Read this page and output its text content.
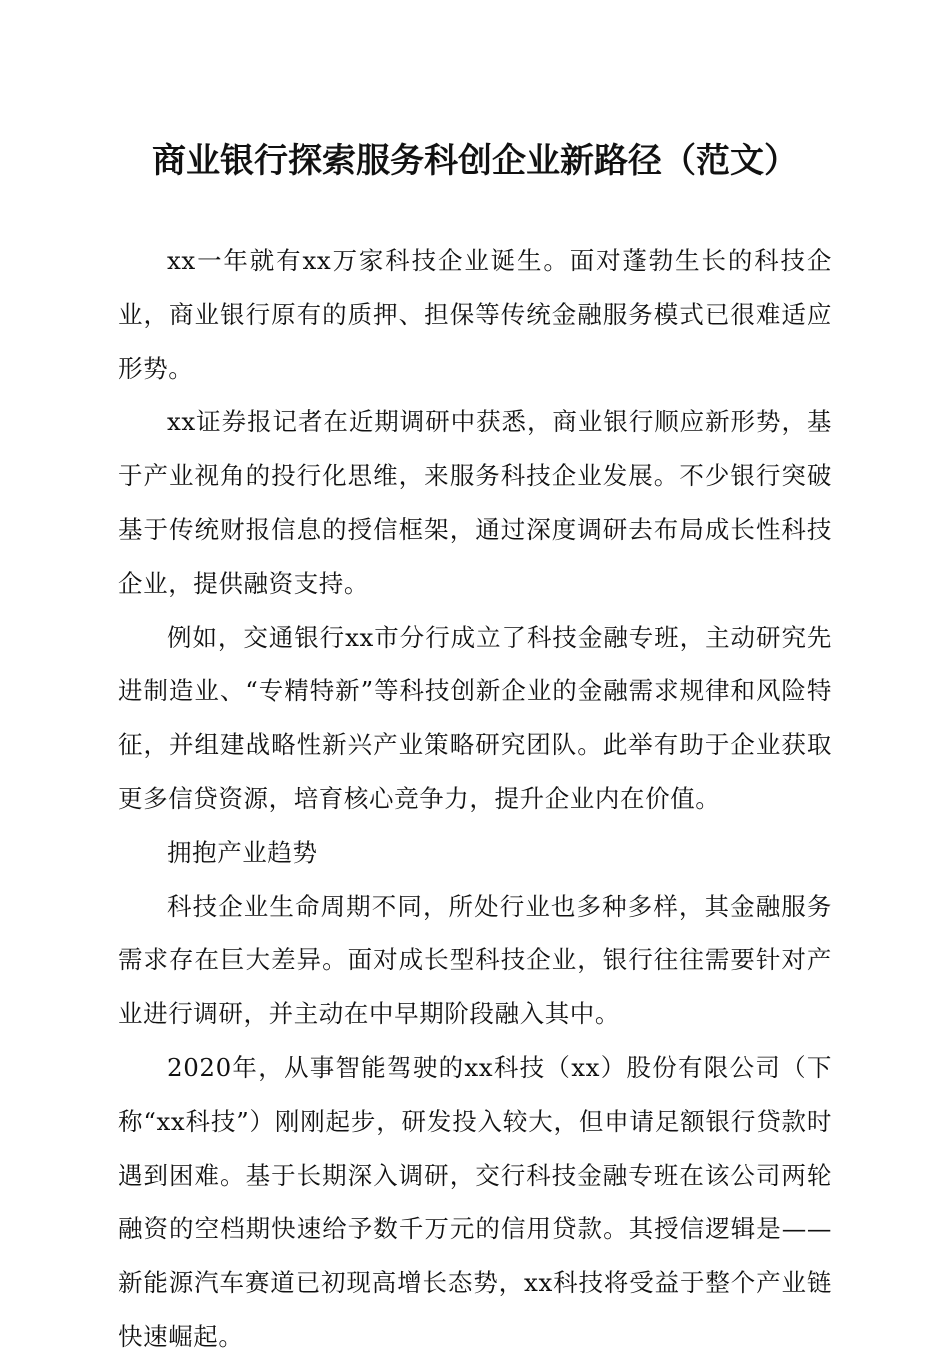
商业银行探索服务科创企业新路径（范文）

xx一年就有xx万家科技企业诞生。面对蓬勃生长的科技企业，商业银行原有的质押、担保等传统金融服务模式已很难适应形势。

xx证券报记者在近期调研中获悉，商业银行顺应新形势，基于产业视角的投行化思维，来服务科技企业发展。不少银行突破基于传统财报信息的授信框架，通过深度调研去布局成长性科技企业，提供融资支持。

例如，交通银行xx市分行成立了科技金融专班，主动研究先进制造业、“专精特新”等科技创新企业的金融需求规律和风险特征，并组建战略性新兴产业策略研究团队。此举有助于企业获取更多信贷资源，培育核心竞争力，提升企业内在价值。

拥抱产业趋势

科技企业生命周期不同，所处行业也多种多样，其金融服务需求存在巨大差异。面对成长型科技企业，银行往往需要针对产业进行调研，并主动在中早期阶段融入其中。

2020年，从事智能驾驶的xx科技（xx）股份有限公司（下称“xx科技”）刚刚起步，研发投入较大，但申请足额银行贷款时遇到困难。基于长期深入调研，交行科技金融专班在该公司两轮融资的空档期快速给予数千万元的信用贷款。其授信逻辑是——新能源汽车赛道已初现高增长态势，xx科技将受益于整个产业链快速崛起。
